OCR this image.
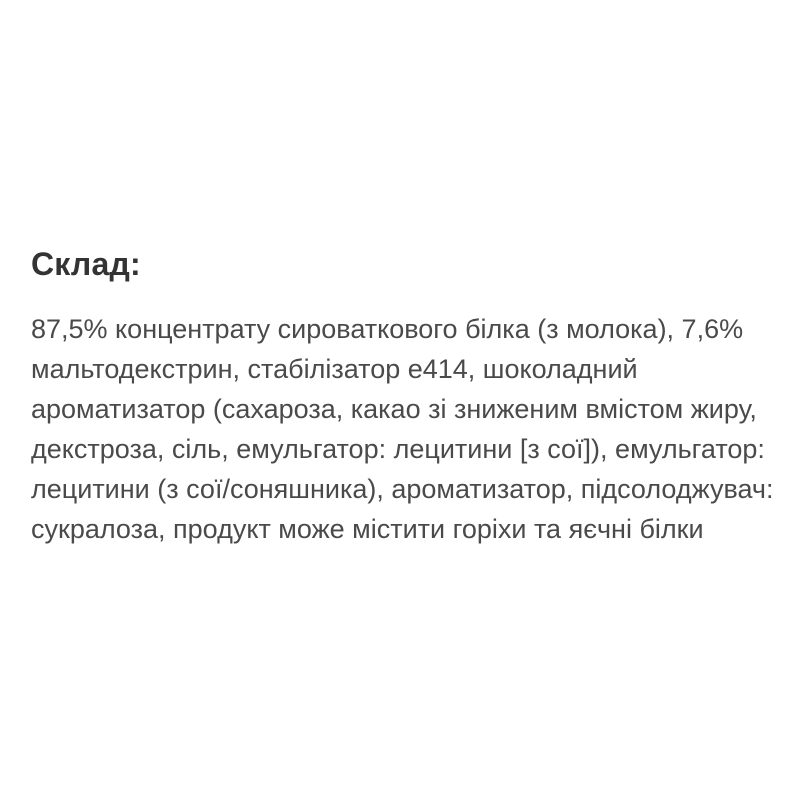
Склад:

87,5% концентрату сироваткового білка (з молока), 7,6%
мальтодекстрин, стабілізатор е414, шоколадний
ароматизатор (сахароза, какао зі зниженим вмістом жиру,
декстроза, сіль, емульгатор: лецитини [з сої]), емульгатор:
лецитини (з сої/соняшника), ароматизатор, підсолоджувач:
сукралоза, продукт може містити горіхи та яєчні білки
